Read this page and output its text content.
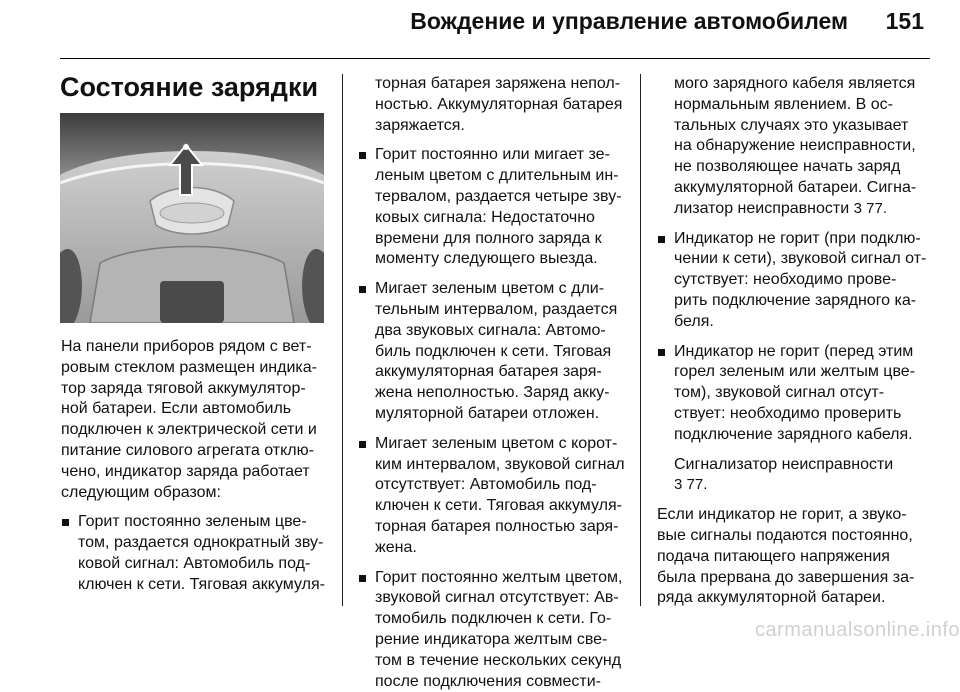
Вождение и управление автомобилем 151
Состояние зарядки

На панели приборов рядом с вет-
ровым стеклом размещен индика-
тор заряда тяговой аккумулятор-
ной батареи. Если автомобиль
подключен к электрической сети и
питание силового агрегата отклю-
чено, индикатор заряда работает
следующим образом:

Горит постоянно зеленым цве-
том, раздается однократный зву-
ковой сигнал: Автомобиль под-
ключен к сети. Тяговая аккумуля-
торная батарея заряжена непол-
ностью. Аккумуляторная батарея
заряжается.
Горит постоянно или мигает зе-
леным цветом с длительным ин-
тервалом, раздается четыре зву-
ковых сигнала: Недостаточно
времени для полного заряда к
моменту следующего выезда.
Мигает зеленым цветом с дли-
тельным интервалом, раздается
два звуковых сигнала: Автомо-
биль подключен к сети. Тяговая
аккумуляторная батарея заря-
жена неполностью. Заряд акку-
муляторной батареи отложен.
Мигает зеленым цветом с корот-
ким интервалом, звуковой сигнал
отсутствует: Автомобиль под-
ключен к сети. Тяговая аккумуля-
торная батарея полностью заря-
жена.
Горит постоянно желтым цветом,
звуковой сигнал отсутствует: Ав-
томобиль подключен к сети. Го-
рение индикатора желтым све-
том в течение нескольких секунд
после подключения совмести-
мого зарядного кабеля является
нормальным явлением. В ос-
тальных случаях это указывает
на обнаружение неисправности,
не позволяющее начать заряд
аккумуляторной батареи. Сигна-
лизатор неисправности 3 77.
Индикатор не горит (при подклю-
чении к сети), звуковой сигнал от-
сутствует: необходимо прове-
рить подключение зарядного ка-
беля.
Индикатор не горит (перед этим
горел зеленым или желтым цве-
том), звуковой сигнал отсут-
ствует: необходимо проверить
подключение зарядного кабеля.
Сигнализатор неисправности
3 77.
Если индикатор не горит, а звуко-
вые сигналы подаются постоянно,
подача питающего напряжения
была прервана до завершения за-
ряда аккумуляторной батареи.
carmanualsonline.info
